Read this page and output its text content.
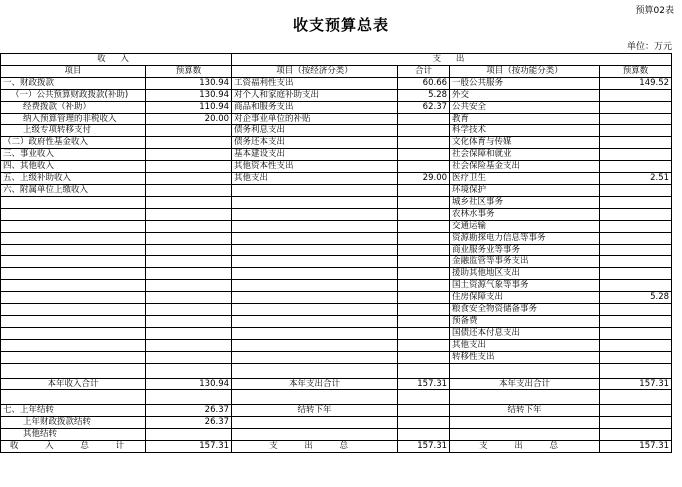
预算02表
收支预算总表
单位：万元
收 入		支 出			
项目	预算数	项目（按经济分类）	合计	项目（按功能分类）	预算数
一、财政拨款	130.94	工资福利性支出	60.66	一般公共服务	149.52
（一）公共预算财政拨款(补助)	130.94	对个人和家庭补助支出	5.28	外交	
经费拨款（补助）	110.94	商品和服务支出	62.37	公共安全	
纳入预算管理的非税收入	20.00	对企事业单位的补贴		教育	
上级专项转移支付		债务利息支出		科学技术	
（二）政府性基金收入		债务还本支出		文化体育与传媒	
三、事业收入		基本建设支出		社会保障和就业	
四、其他收入		其他资本性支出		社会保险基金支出	
五、上级补助收入		其他支出	29.00	医疗卫生	2.51
六、附属单位上缴收入				环境保护	
				城乡社区事务	
				农林水事务	
				交通运输	
				资源勘探电力信息等事务	
				商业服务业等事务	
				金融监管等事务支出	
				援助其他地区支出	
				国土资源气象等事务	
				住房保障支出	5.28
				粮食安全物资储备事务	
				预备费	
				国债还本付息支出	
				其他支出	
				转移性支出	

本年收入合计	130.94	本年支出合计	157.31	本年支出合计	157.31

七、上年结转	26.37	结转下年		结转下年	
上年财政拨款结转	26.37				
其他结转					
收 入 总 计	157.31	支 出 总	157.31	支 出 总	157.31
